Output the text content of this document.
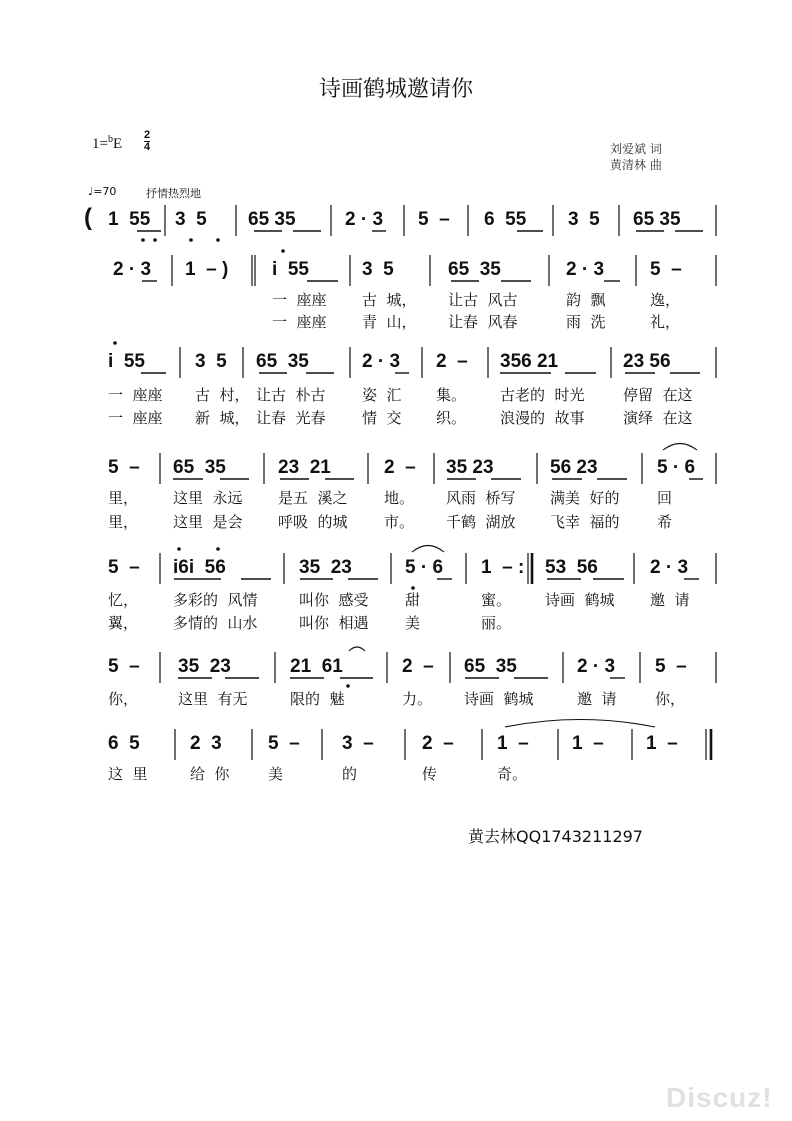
诗画鹤城邀请你
$1=^bE \frac{2}{4}$	刘爱斌 词
黄清林 曲
♩=70	抒情热烈地
( 1  55 3  5 65 35	2 · 3 5  – 6  55 3  5 65 35
2 · 3 1  – ) i  55	3  5	65  35	2 · 3 5  –
一  座座 古  城， 让古  风古	韵  飘	逸，
一  座座 青  山， 让春  风春	雨  洗	礼，
i  55	3  5 65  35	2 · 3 2  – 356 21	23 56
一  座座 古  村， 让古  朴古 姿  汇 集。 古老的  时光	停留  在这
一  座座 新  城， 让春  光春 情  交 织。 浪漫的  故事	演绎  在这
5  – 65  35	23  21	2  – 35 23	56 23	5 · 6
里， 这里  永远 是五  溪之 地。 风雨  桥写 满美  好的 回
里， 这里  是会 呼吸  的城 市。 千鹤  湖放 飞幸  福的 希
5  – i6i  56	35  23	5 · 6 1  – : 53  56	2 · 3
忆， 多彩的  风情	叫你  感受 甜	蜜。 诗画  鹤城 邀  请
翼， 多情的  山水	叫你  相遇 美	丽。
5  – 35  23	21  61	2  – 65  35	2 · 3 5  –
你，	这里  有无	限的  魅	力。 诗画  鹤城	邀  请	你，
6  5	2  3 5  – 3  –	2  – 1  – 1  – 1  –
这  里	给  你	美	的	传	奇。
黄去林QQ1743211297
Discuz!
